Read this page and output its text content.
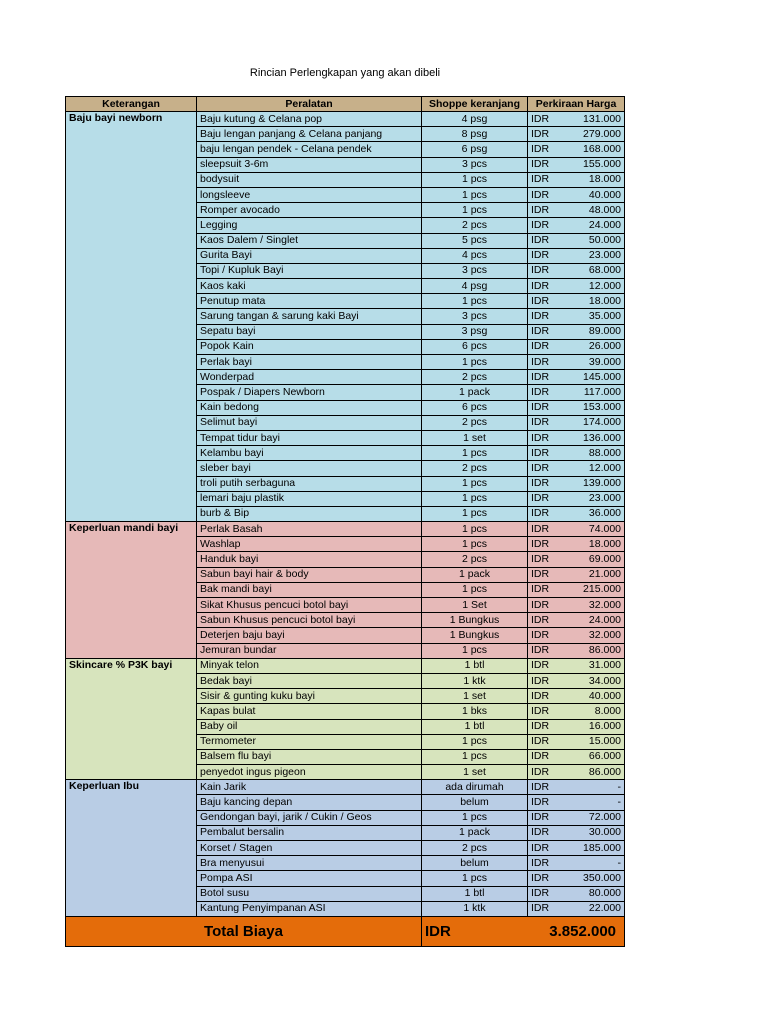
Rincian Perlengkapan yang akan dibeli
Keterangan	Peralatan	Shoppe keranjang	Perkiraan Harga	
Baju bayi newborn	Baju kutung & Celana pop	4 psg	IDR	131.000
	Baju lengan panjang & Celana panjang	8 psg	IDR	279.000
	baju lengan pendek - Celana pendek	6 psg	IDR	168.000
	sleepsuit 3-6m	3 pcs	IDR	155.000
	bodysuit	1 pcs	IDR	18.000
	longsleeve	1 pcs	IDR	40.000
	Romper avocado	1 pcs	IDR	48.000
	Legging	2 pcs	IDR	24.000
	Kaos Dalem / Singlet	5 pcs	IDR	50.000
	Gurita Bayi	4 pcs	IDR	23.000
	Topi / Kupluk Bayi	3 pcs	IDR	68.000
	Kaos kaki	4 psg	IDR	12.000
	Penutup mata	1 pcs	IDR	18.000
	Sarung tangan & sarung kaki Bayi	3 pcs	IDR	35.000
	Sepatu bayi	3 psg	IDR	89.000
	Popok Kain	6 pcs	IDR	26.000
	Perlak bayi	1 pcs	IDR	39.000
	Wonderpad	2 pcs	IDR	145.000
	Pospak / Diapers Newborn	1 pack	IDR	117.000
	Kain bedong	6 pcs	IDR	153.000
	Selimut bayi	2 pcs	IDR	174.000
	Tempat tidur bayi	1 set	IDR	136.000
	Kelambu bayi	1 pcs	IDR	88.000
	sleber bayi	2 pcs	IDR	12.000
	troli putih serbaguna	1 pcs	IDR	139.000
	lemari baju plastik	1 pcs	IDR	23.000
	burb & Bip	1 pcs	IDR	36.000
Keperluan mandi bayi	Perlak Basah	1 pcs	IDR	74.000
	Washlap	1 pcs	IDR	18.000
	Handuk bayi	2 pcs	IDR	69.000
	Sabun bayi hair & body	1 pack	IDR	21.000
	Bak mandi bayi	1 pcs	IDR	215.000
	Sikat Khusus pencuci botol bayi	1 Set	IDR	32.000
	Sabun Khusus pencuci botol bayi	1 Bungkus	IDR	24.000
	Deterjen baju bayi	1 Bungkus	IDR	32.000
	Jemuran bundar	1 pcs	IDR	86.000
Skincare % P3K bayi	Minyak telon	1 btl	IDR	31.000
	Bedak bayi	1 ktk	IDR	34.000
	Sisir & gunting kuku bayi	1 set	IDR	40.000
	Kapas bulat	1 bks	IDR	8.000
	Baby oil	1 btl	IDR	16.000
	Termometer	1 pcs	IDR	15.000
	Balsem flu bayi	1 pcs	IDR	66.000
	penyedot ingus pigeon	1 set	IDR	86.000
Keperluan Ibu	Kain Jarik	ada dirumah	IDR	-
	Baju kancing depan	belum	IDR	-
	Gendongan bayi, jarik / Cukin / Geos	1 pcs	IDR	72.000
	Pembalut bersalin	1 pack	IDR	30.000
	Korset / Stagen	2 pcs	IDR	185.000
	Bra menyusui	belum	IDR	-
	Pompa ASI	1 pcs	IDR	350.000
	Botol susu	1 btl	IDR	80.000
	Kantung Penyimpanan ASI	1 ktk	IDR	22.000
Total Biaya		IDR	3.852.000	
